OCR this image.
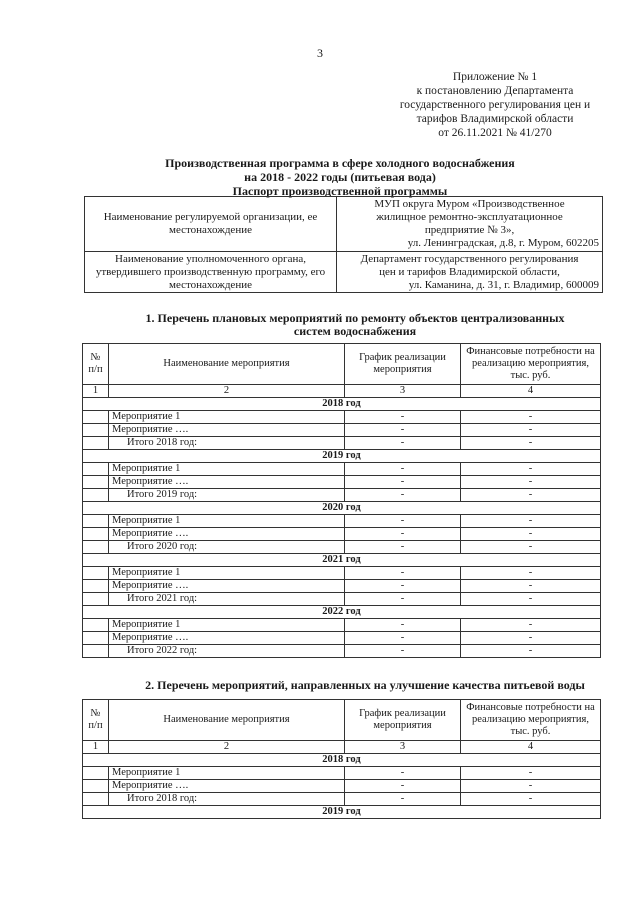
3
Приложение № 1
к постановлению Департамента
государственного регулирования цен и
тарифов Владимирской области
от 26.11.2021 № 41/270
Производственная программа в сфере холодного водоснабжения
на 2018 - 2022 годы (питьевая вода)
Паспорт производственной программы
Наименование регулируемой организации, ее местонахождение	МУП округа Муром «Производственное
жилищное ремонтно-эксплуатационное
предприятие № 3»,
ул. Ленинградская, д.8, г. Муром, 602205

Наименование уполномоченного органа, утвердившего производственную программу, его местонахождение	Департамент государственного регулирования
цен и тарифов Владимирской области,
ул. Каманина, д. 31, г. Владимир, 600009
1. Перечень плановых мероприятий по ремонту объектов централизованных
систем водоснабжения
№ п/п	Наименование мероприятия	График реализации мероприятия	Финансовые потребности на реализацию мероприятия, тыс. руб.
1	2	3	4
2018 год			
	Мероприятие 1	-	-
	Мероприятие ….	-	-
	Итого 2018 год:	-	-
2019 год			
	Мероприятие 1	-	-
	Мероприятие ….	-	-
	Итого 2019 год:	-	-
2020 год			
	Мероприятие 1	-	-
	Мероприятие ….	-	-
	Итого 2020 год:	-	-
2021 год			
	Мероприятие 1	-	-
	Мероприятие ….	-	-
	Итого 2021 год:	-	-
2022 год			
	Мероприятие 1	-	-
	Мероприятие ….	-	-
	Итого 2022 год:	-	-
2. Перечень мероприятий, направленных на улучшение качества питьевой воды
№ п/п	Наименование мероприятия	График реализации мероприятия	Финансовые потребности на реализацию мероприятия, тыс. руб.
1	2	3	4
2018 год			
	Мероприятие 1	-	-
	Мероприятие ….	-	-
	Итого 2018 год:	-	-
2019 год			
